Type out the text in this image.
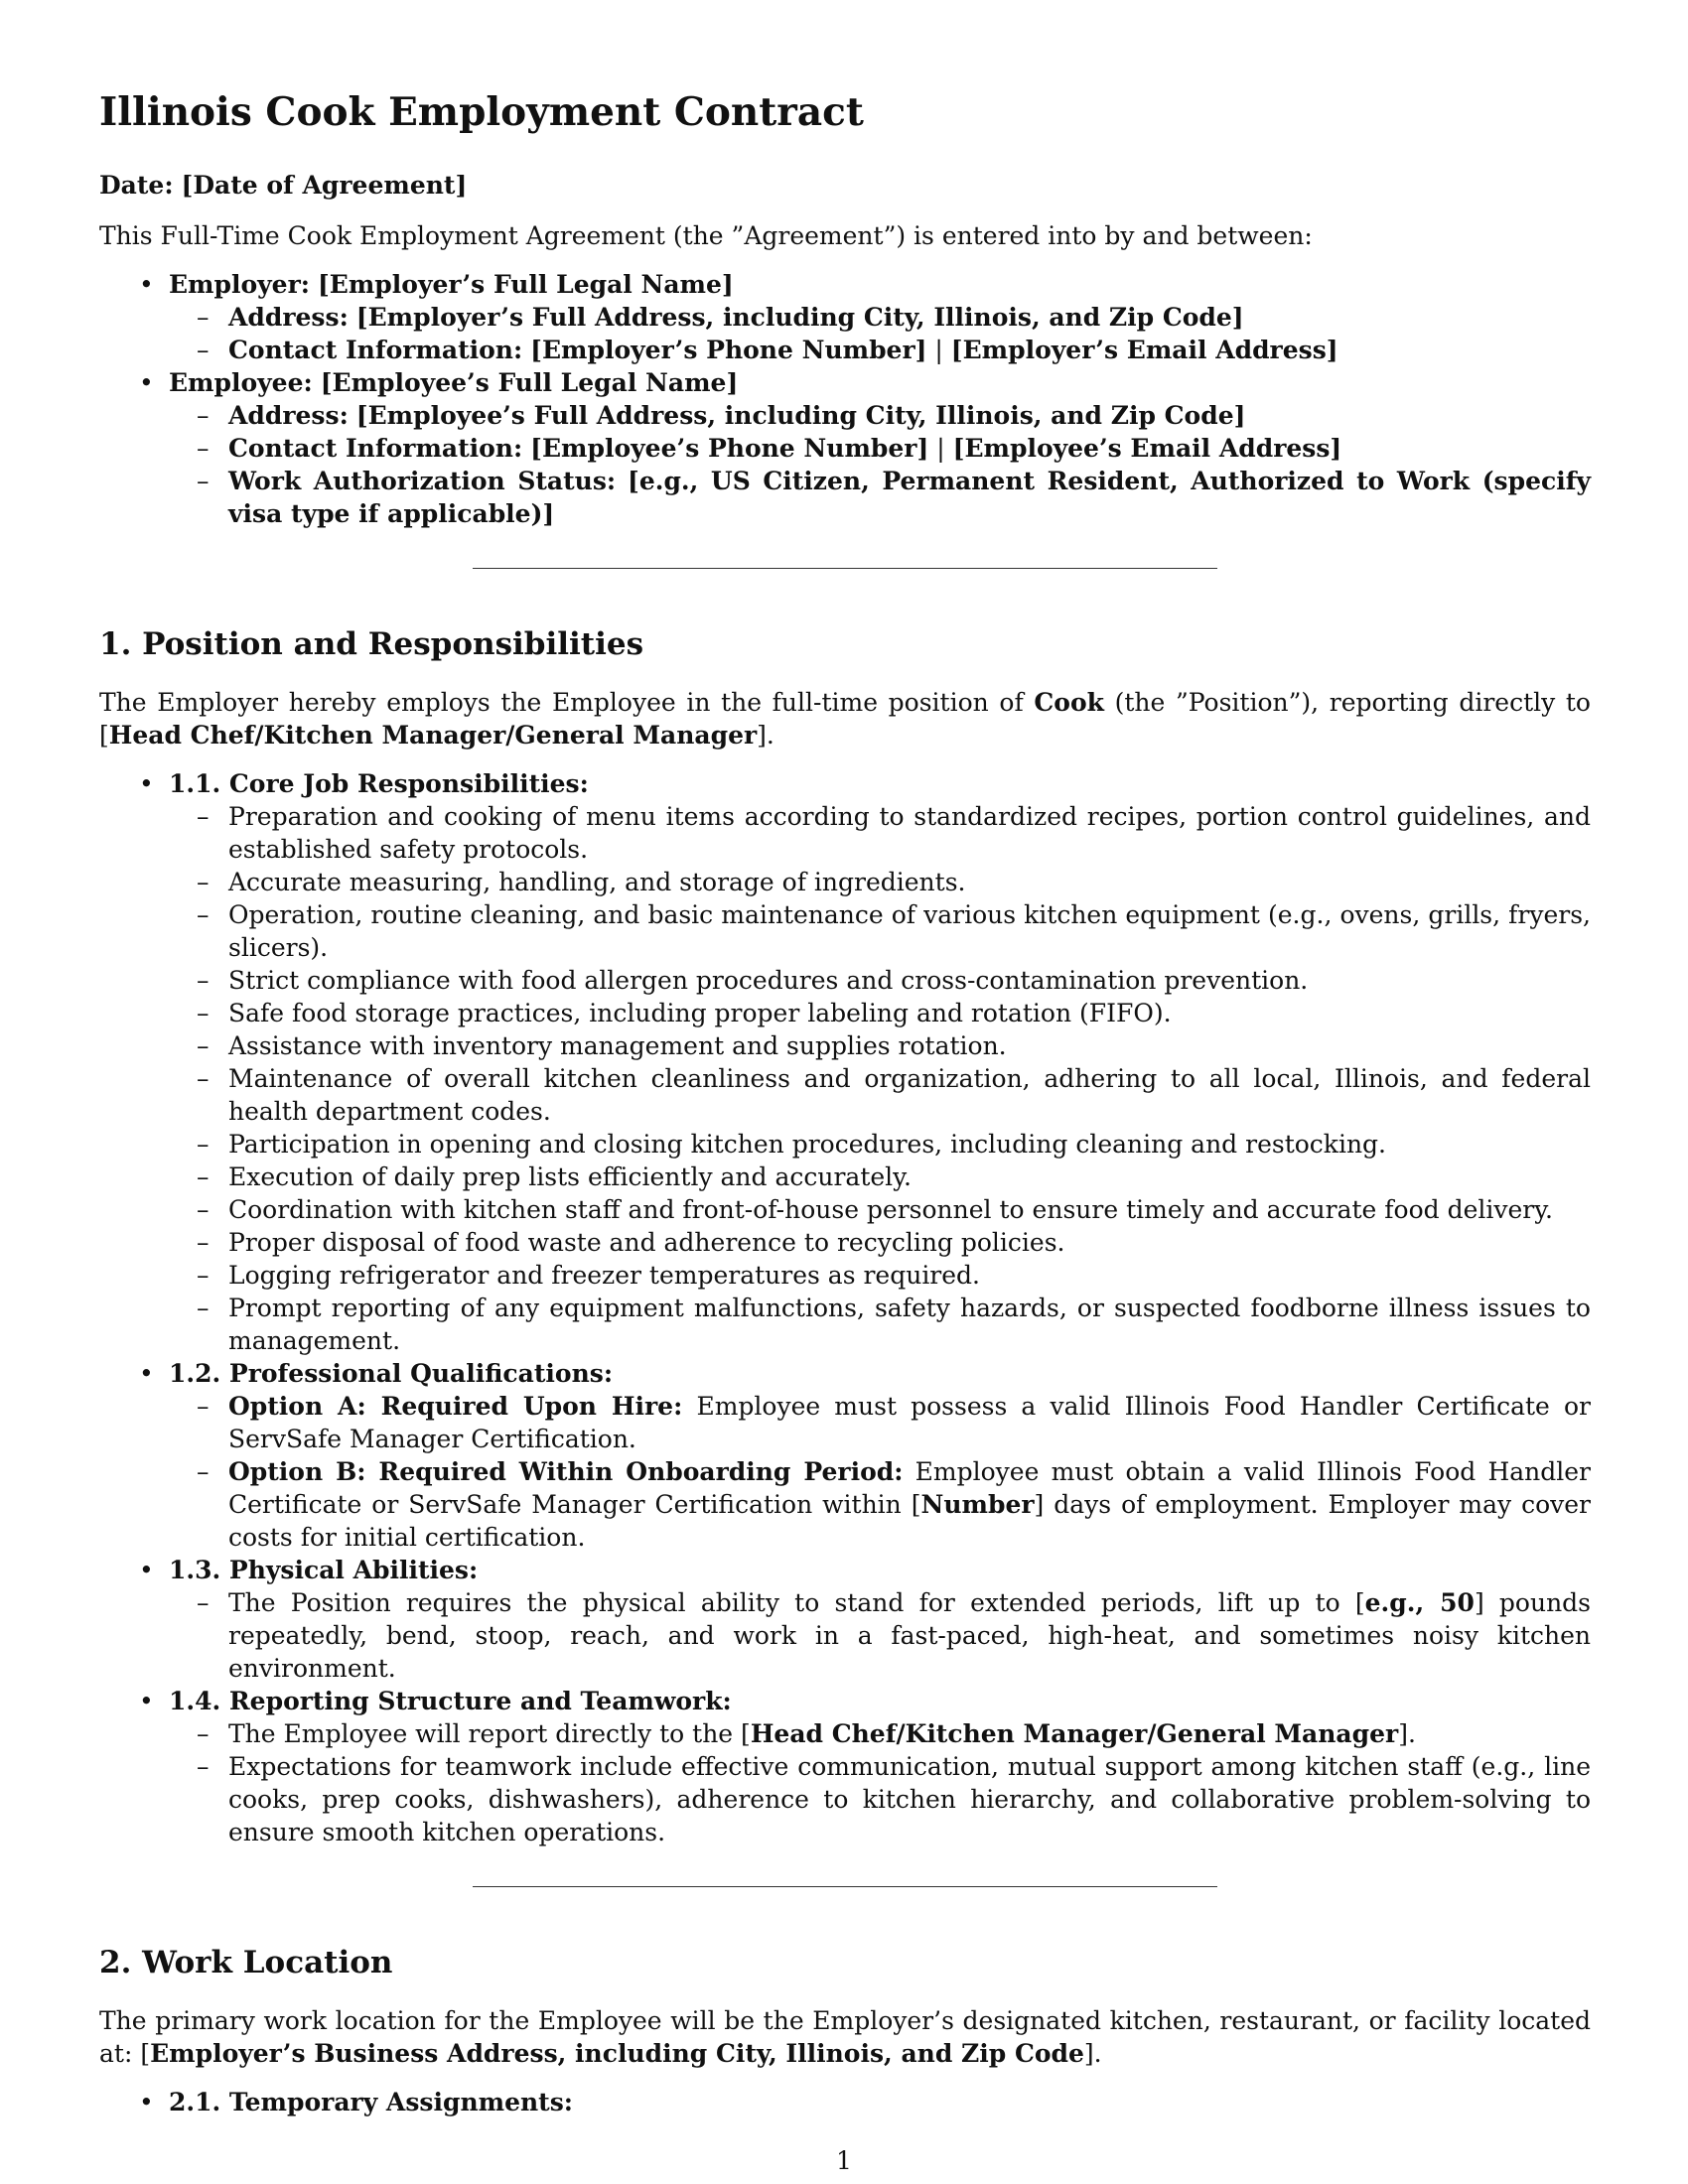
Illinois Cook Employment Contract

Date: [Date of Agreement]

This Full-Time Cook Employment Agreement (the ”Agreement”) is entered into by and between:

• Employer: [Employer’s Full Legal Name]
– Address: [Employer’s Full Address, including City, Illinois, and Zip Code]
– Contact Information: [Employer’s Phone Number] | [Employer’s Email Address]
• Employee: [Employee’s Full Legal Name]
– Address: [Employee’s Full Address, including City, Illinois, and Zip Code]
– Contact Information: [Employee’s Phone Number] | [Employee’s Email Address]
– Work Authorization Status: [e.g., US Citizen, Permanent Resident, Authorized to Work (specify visa type if applicable)]
1. Position and Responsibilities

The Employer hereby employs the Employee in the full-time position of Cook (the ”Position”), reporting directly to [Head Chef/Kitchen Manager/General Manager].

• 1.1. Core Job Responsibilities:
– Preparation and cooking of menu items according to standardized recipes, portion control guidelines, and established safety protocols.
– Accurate measuring, handling, and storage of ingredients.
– Operation, routine cleaning, and basic maintenance of various kitchen equipment (e.g., ovens, grills, fryers, slicers).
– Strict compliance with food allergen procedures and cross-contamination prevention.
– Safe food storage practices, including proper labeling and rotation (FIFO).
– Assistance with inventory management and supplies rotation.
– Maintenance of overall kitchen cleanliness and organization, adhering to all local, Illinois, and federal health department codes.
– Participation in opening and closing kitchen procedures, including cleaning and restocking.
– Execution of daily prep lists efficiently and accurately.
– Coordination with kitchen staff and front-of-house personnel to ensure timely and accurate food delivery.
– Proper disposal of food waste and adherence to recycling policies.
– Logging refrigerator and freezer temperatures as required.
– Prompt reporting of any equipment malfunctions, safety hazards, or suspected foodborne illness issues to management.
• 1.2. Professional Qualifications:
– Option A: Required Upon Hire: Employee must possess a valid Illinois Food Handler Certificate or ServSafe Manager Certification.
– Option B: Required Within Onboarding Period: Employee must obtain a valid Illinois Food Handler Certificate or ServSafe Manager Certification within [Number] days of employment. Employer may cover costs for initial certification.
• 1.3. Physical Abilities:
– The Position requires the physical ability to stand for extended periods, lift up to [e.g., 50] pounds repeatedly, bend, stoop, reach, and work in a fast-paced, high-heat, and sometimes noisy kitchen environment.
• 1.4. Reporting Structure and Teamwork:
– The Employee will report directly to the [Head Chef/Kitchen Manager/General Manager].
– Expectations for teamwork include effective communication, mutual support among kitchen staff (e.g., line cooks, prep cooks, dishwashers), adherence to kitchen hierarchy, and collaborative problem-solving to ensure smooth kitchen operations.
2. Work Location

The primary work location for the Employee will be the Employer’s designated kitchen, restaurant, or facility located at: [Employer’s Business Address, including City, Illinois, and Zip Code].

• 2.1. Temporary Assignments:
1
